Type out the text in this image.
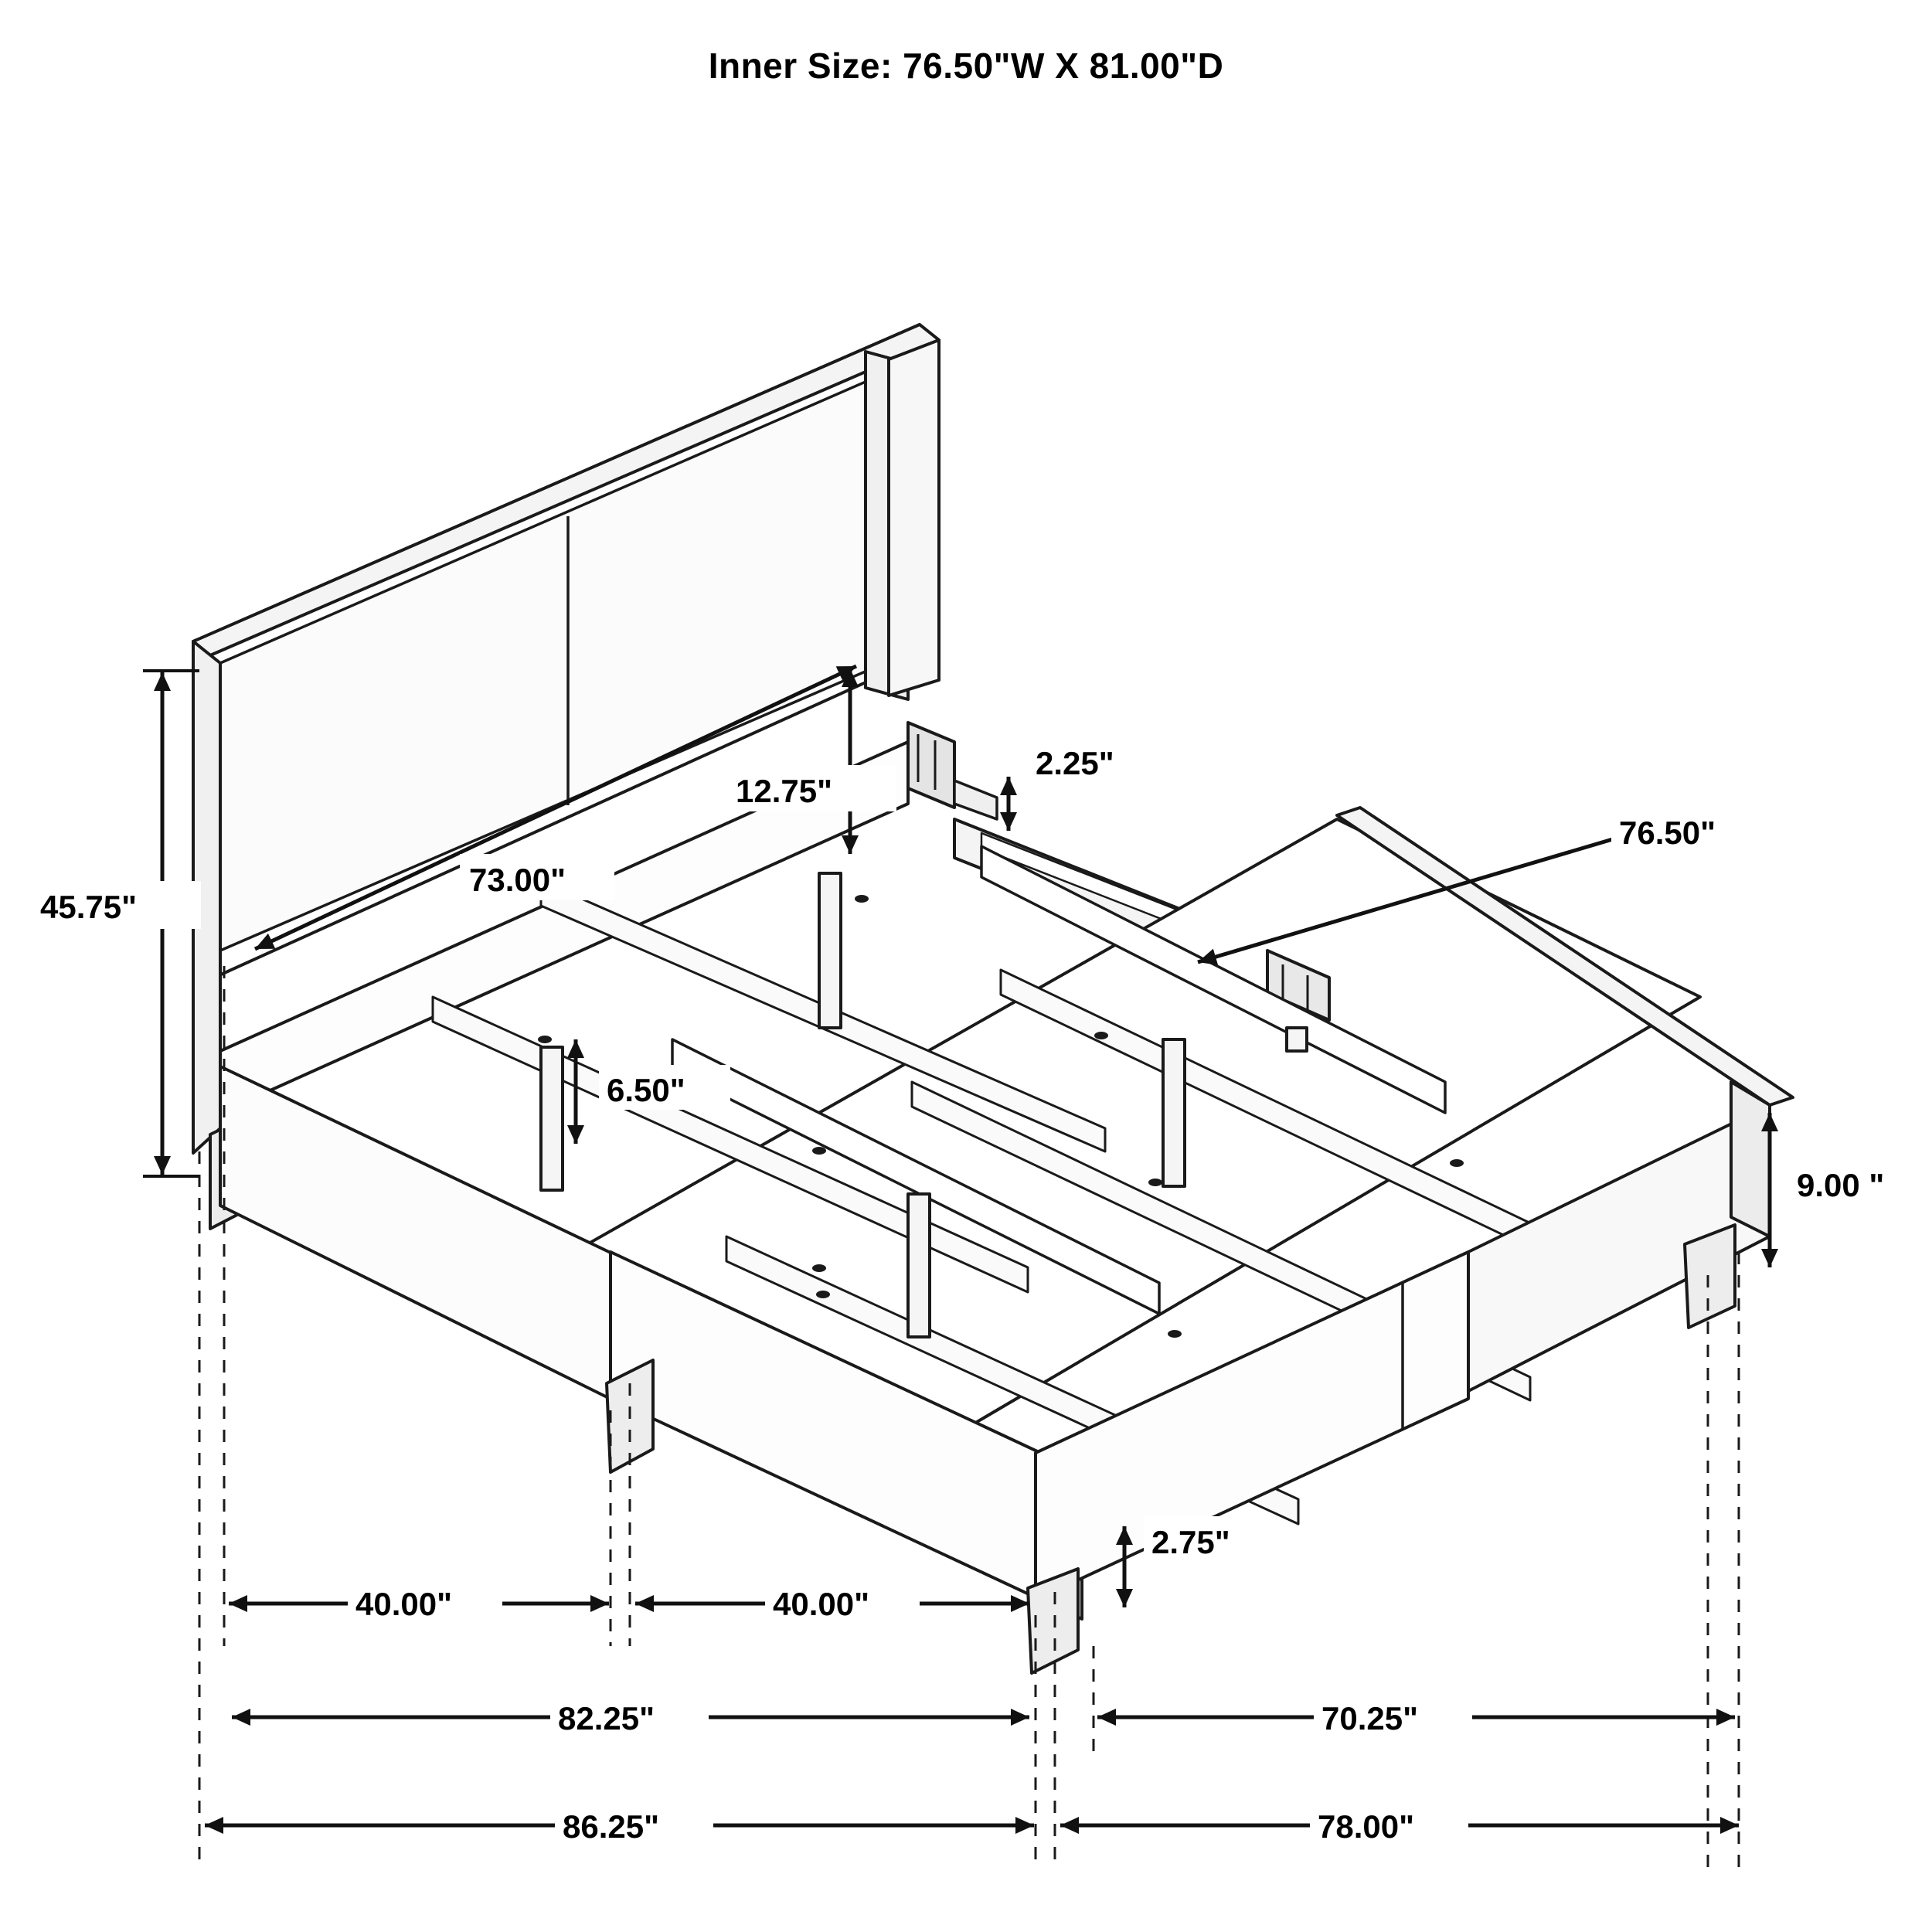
Inner Size: 76.50"W X 81.00"D
45.75"
12.75"
73.00"
2.25"
76.50"
6.50"
9.00 "
2.75"
40.00"	40.00"
82.25"	70.25"
86.25"	78.00"
